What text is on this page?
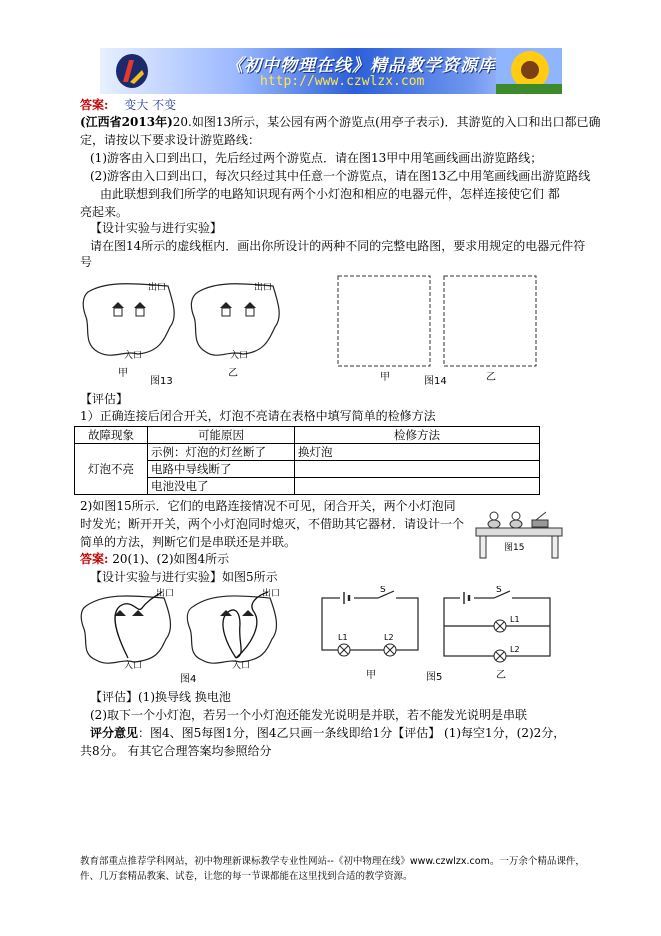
《初中物理在线》精品教学资源库
http://www.czwlzx.com
答案: 变大 不变
(江西省2013年)20.如图13所示，某公园有两个游览点(用亭子表示)．其游览的入口和出口都已确
定，请按以下要求设计游览路线：
(1)游客由入口到出口，先后经过两个游览点．请在图13甲中用笔画线画出游览路线；
(2)游客由入口到出口，每次只经过其中任意一个游览点，请在图13乙中用笔画线画出游览路线
由此联想到我们所学的电路知识现有两个小灯泡和相应的电器元件，怎样连接使它们 都
亮起来。
【设计实验与进行实验】
请在图14所示的虚线框内．画出你所设计的两种不同的完整电路图，要求用规定的电器元件符
号
出口	出口
入口	入口
甲
图13
乙	甲	图14	乙
【评估】
1）正确连接后闭合开关，灯泡不亮请在表格中填写简单的检修方法
故障现象	可能原因	检修方法
灯泡不亮	示例：灯泡的灯丝断了	换灯泡
	电路中导线断了	
	电池没电了	
2)如图15所示．它们的电路连接情况不可见，闭合开关，两个小灯泡同
时发光；断开开关，两个小灯泡同时熄灭，不借助其它器材．请设计一个
简单的方法，判断它们是串联还是并联。	图15
答案: 20(1)、(2)如图4所示
【设计实验与进行实验】如图5所示
出口	出口
入口	入口
图4
S
L1	L2
S
L1
L2
甲	图5	乙
【评估】(1)换导线 换电池
(2)取下一个小灯泡，若另一个小灯泡还能发光说明是并联，若不能发光说明是串联
评分意见：图4、图5每图1分，图4乙只画一条线即给1分【评估】 (1)每空1分，(2)2分，
共8分。 有其它合理答案均参照给分
教育部重点推荐学科网站，初中物理新课标教学专业性网站--《初中物理在线》www.czwlzx.com。一万余个精品课件，
件、几万套精品教案、试卷，让您的每一节课都能在这里找到合适的教学资源。
